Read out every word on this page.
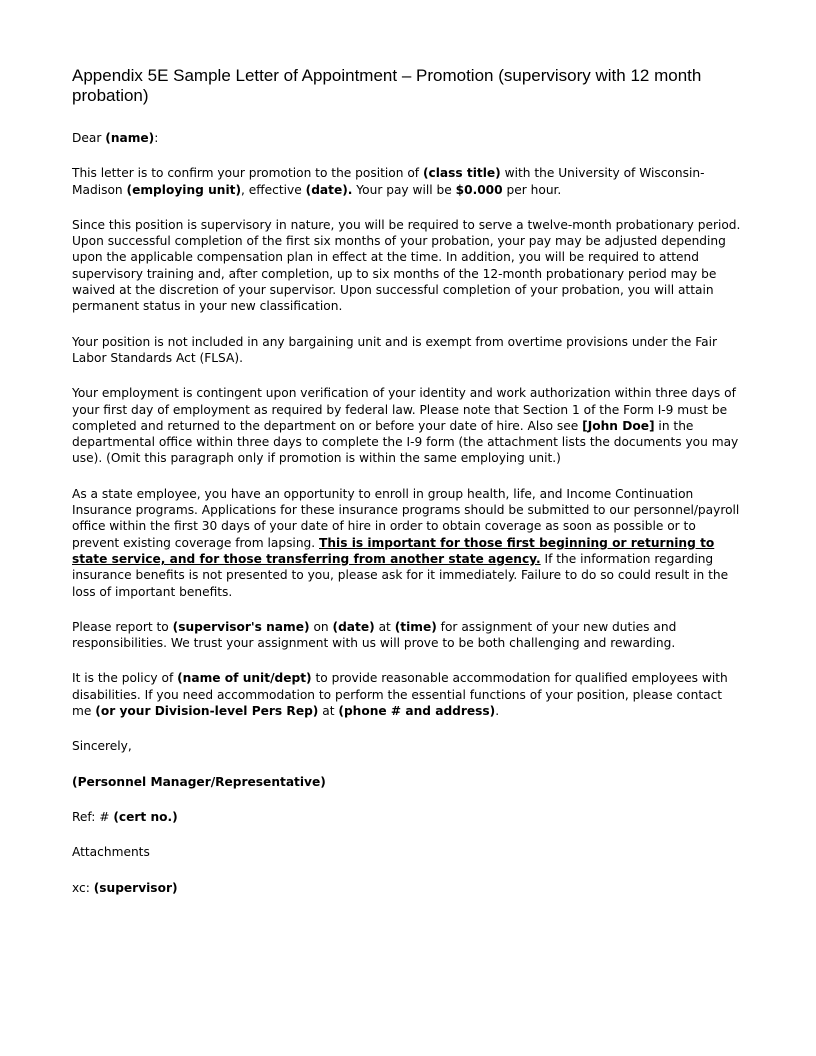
Appendix 5E Sample Letter of Appointment – Promotion (supervisory with 12 month probation)

Dear (name):

This letter is to confirm your promotion to the position of (class title) with the University of Wisconsin-Madison (employing unit), effective (date). Your pay will be $0.000 per hour.

Since this position is supervisory in nature, you will be required to serve a twelve-month probationary period. Upon successful completion of the first six months of your probation, your pay may be adjusted depending upon the applicable compensation plan in effect at the time. In addition, you will be required to attend supervisory training and, after completion, up to six months of the 12-month probationary period may be waived at the discretion of your supervisor. Upon successful completion of your probation, you will attain permanent status in your new classification.

Your position is not included in any bargaining unit and is exempt from overtime provisions under the Fair Labor Standards Act (FLSA).

Your employment is contingent upon verification of your identity and work authorization within three days of your first day of employment as required by federal law. Please note that Section 1 of the Form I-9 must be completed and returned to the department on or before your date of hire. Also see [John Doe] in the departmental office within three days to complete the I-9 form (the attachment lists the documents you may use). (Omit this paragraph only if promotion is within the same employing unit.)

As a state employee, you have an opportunity to enroll in group health, life, and Income Continuation Insurance programs. Applications for these insurance programs should be submitted to our personnel/payroll office within the first 30 days of your date of hire in order to obtain coverage as soon as possible or to prevent existing coverage from lapsing. This is important for those first beginning or returning to state service, and for those transferring from another state agency. If the information regarding insurance benefits is not presented to you, please ask for it immediately. Failure to do so could result in the loss of important benefits.

Please report to (supervisor's name) on (date) at (time) for assignment of your new duties and responsibilities. We trust your assignment with us will prove to be both challenging and rewarding.

It is the policy of (name of unit/dept) to provide reasonable accommodation for qualified employees with disabilities. If you need accommodation to perform the essential functions of your position, please contact me (or your Division-level Pers Rep) at (phone # and address).

Sincerely,

(Personnel Manager/Representative)

Ref: # (cert no.)

Attachments

xc: (supervisor)
